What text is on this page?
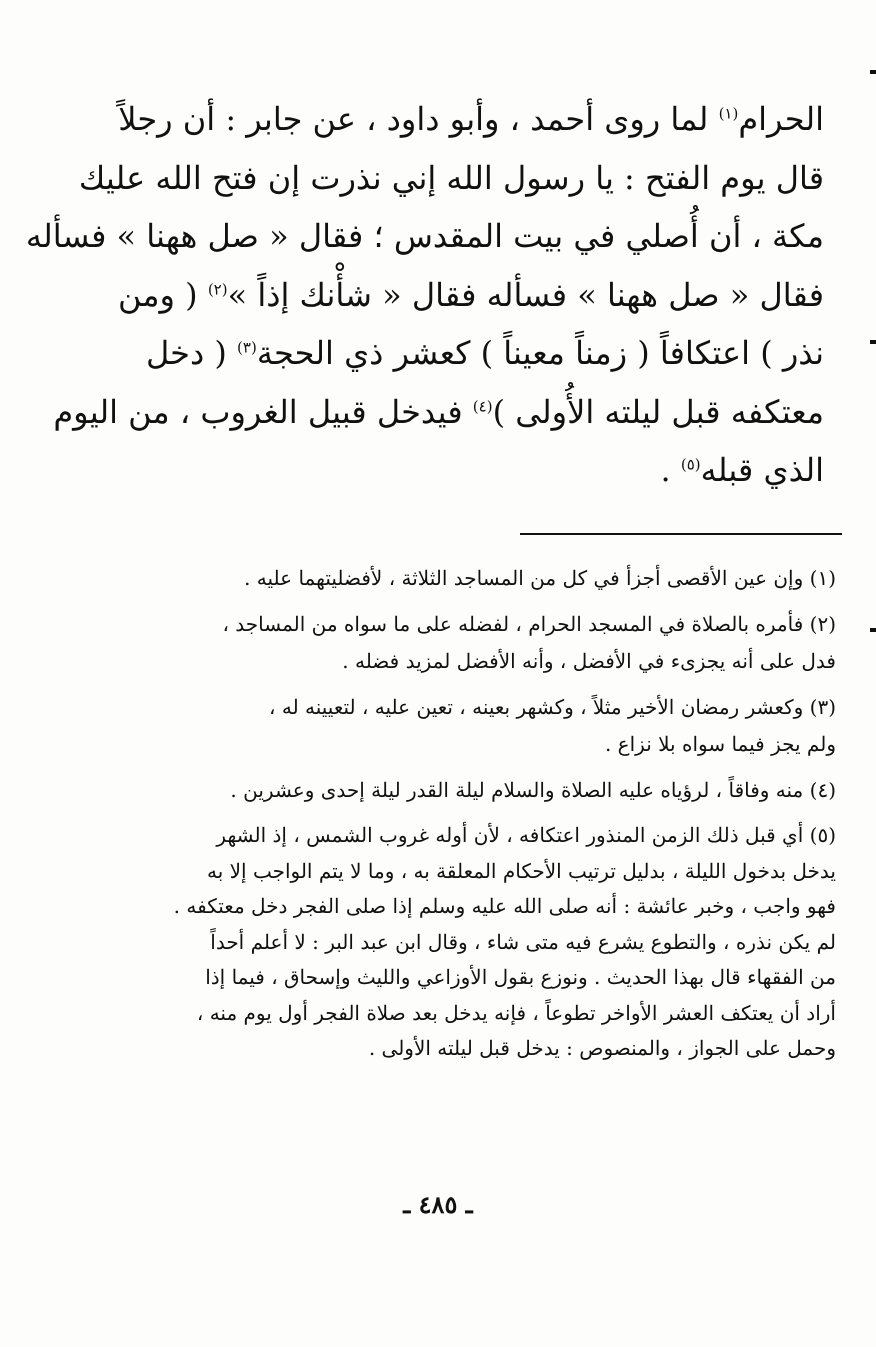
الحرام$^{(١)}$ لما روى أحمد ، وأبو داود ، عن جابر : أن رجلاً
قال يوم الفتح : يا رسول الله إني نذرت إن فتح الله عليك
مكة ، أن أُصلي في بيت المقدس ؛ فقال « صل ههنا » فسأله
فقال « صل ههنا » فسأله فقال « شأْنك إذاً »$^{(٢)}$ ( ومن
نذر ) اعتكافاً ( زمناً معيناً ) كعشر ذي الحجة$^{(٣)}$ ( دخل
معتكفه قبل ليلته الأُولى )$^{(٤)}$ فيدخل قبيل الغروب ، من اليوم
الذي قبله$^{(٥)}$ .
(١) وإن عين الأقصى أجزأ في كل من المساجد الثلاثة ، لأفضليتهما عليه .
(٢) فأمره بالصلاة في المسجد الحرام ، لفضله على ما سواه من المساجد ،
فدل على أنه يجزىء في الأفضل ، وأنه الأفضل لمزيد فضله .
(٣) وكعشر رمضان الأخير مثلاً ، وكشهر بعينه ، تعين عليه ، لتعيينه له ،
ولم يجز فيما سواه بلا نزاع .
(٤) منه وفاقاً ، لرؤياه عليه الصلاة والسلام ليلة القدر ليلة إحدى وعشرين .
(٥) أي قبل ذلك الزمن المنذور اعتكافه ، لأن أوله غروب الشمس ، إذ الشهر
يدخل بدخول الليلة ، بدليل ترتيب الأحكام المعلقة به ، وما لا يتم الواجب إلا به
فهو واجب ، وخبر عائشة : أنه صلى الله عليه وسلم إذا صلى الفجر دخل معتكفه .
لم يكن نذره ، والتطوع يشرع فيه متى شاء ، وقال ابن عبد البر : لا أعلم أحداً
من الفقهاء قال بهذا الحديث . ونوزع بقول الأوزاعي والليث وإسحاق ، فيما إذا
أراد أن يعتكف العشر الأواخر تطوعاً ، فإنه يدخل بعد صلاة الفجر أول يوم منه ،
وحمل على الجواز ، والمنصوص : يدخل قبل ليلته الأولى .
ـ ٤٨٥ ـ
